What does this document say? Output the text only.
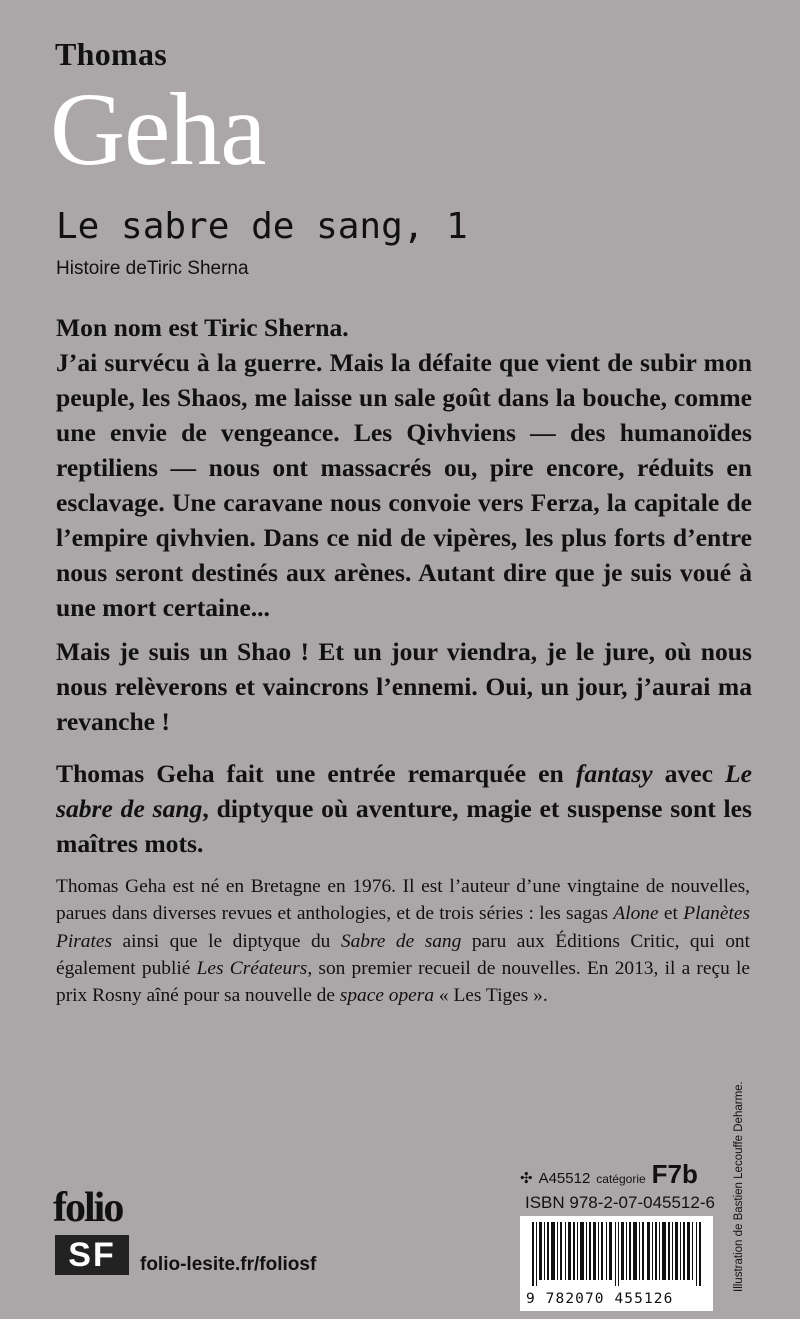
Thomas
Geha
Le sabre de sang, 1
Histoire deTiric Sherna

Mon nom est Tiric Sherna.

J’ai survécu à la guerre. Mais la défaite que vient de subir mon peuple, les Shaos, me laisse un sale goût dans la bouche, comme une envie de vengeance. Les Qivhviens — des humanoïdes reptiliens — nous ont massacrés ou, pire encore, réduits en esclavage. Une caravane nous convoie vers Ferza, la capitale de l’empire qivhvien. Dans ce nid de vipères, les plus forts d’entre nous seront destinés aux arènes. Autant dire que je suis voué à une mort certaine...

Mais je suis un Shao ! Et un jour viendra, je le jure, où nous nous relèverons et vaincrons l’ennemi. Oui, un jour, j’aurai ma revanche !

Thomas Geha fait une entrée remarquée en fantasy avec Le sabre de sang, diptyque où aventure, magie et suspense sont les maîtres mots.

Thomas Geha est né en Bretagne en 1976. Il est l’auteur d’une vingtaine de nouvelles, parues dans diverses revues et anthologies, et de trois séries : les sagas Alone et Planètes Pirates ainsi que le diptyque du Sabre de sang paru aux Éditions Critic, qui ont également publié Les Créateurs, son premier recueil de nouvelles. En 2013, il a reçu le prix Rosny aîné pour sa nouvelle de space opera « Les Tiges ».

Illustration de Bastien Lecouffe Deharme.
folio
SF	folio-lesite.fr/foliosf
✣ A45512 catégorie F7b
ISBN 978-2-07-045512-6
9 782070 455126
